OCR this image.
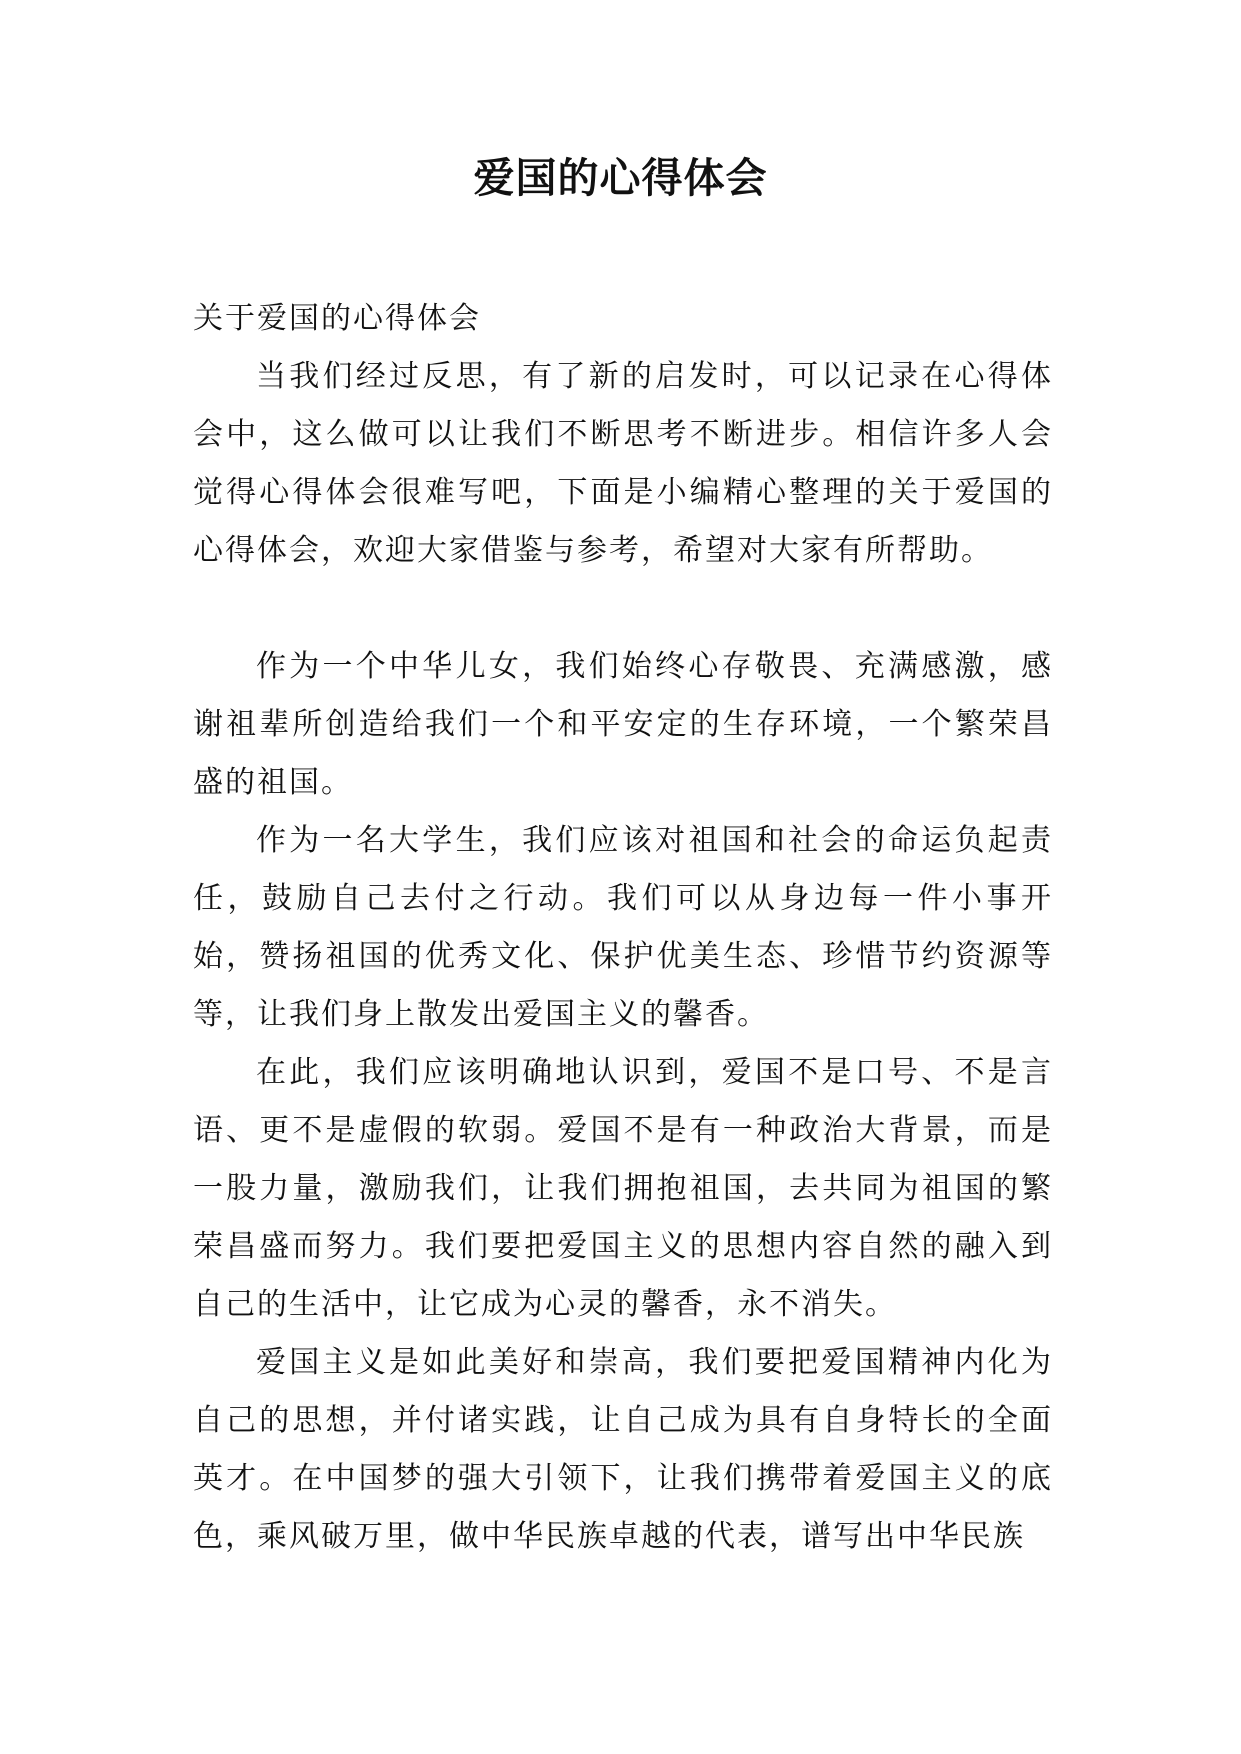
爱国的心得体会

关于爱国的心得体会

当我们经过反思，有了新的启发时，可以记录在心得体会中，这么做可以让我们不断思考不断进步。相信许多人会觉得心得体会很难写吧，下面是小编精心整理的关于爱国的心得体会，欢迎大家借鉴与参考，希望对大家有所帮助。

作为一个中华儿女，我们始终心存敬畏、充满感激，感谢祖辈所创造给我们一个和平安定的生存环境，一个繁荣昌盛的祖国。

作为一名大学生，我们应该对祖国和社会的命运负起责任，鼓励自己去付之行动。我们可以从身边每一件小事开始，赞扬祖国的优秀文化、保护优美生态、珍惜节约资源等等，让我们身上散发出爱国主义的馨香。

在此，我们应该明确地认识到，爱国不是口号、不是言语、更不是虚假的软弱。爱国不是有一种政治大背景，而是一股力量，激励我们，让我们拥抱祖国，去共同为祖国的繁荣昌盛而努力。我们要把爱国主义的思想内容自然的融入到自己的生活中，让它成为心灵的馨香，永不消失。

爱国主义是如此美好和崇高，我们要把爱国精神内化为自己的思想，并付诸实践，让自己成为具有自身特长的全面英才。在中国梦的强大引领下，让我们携带着爱国主义的底色，乘风破万里，做中华民族卓越的代表，谱写出中华民族
